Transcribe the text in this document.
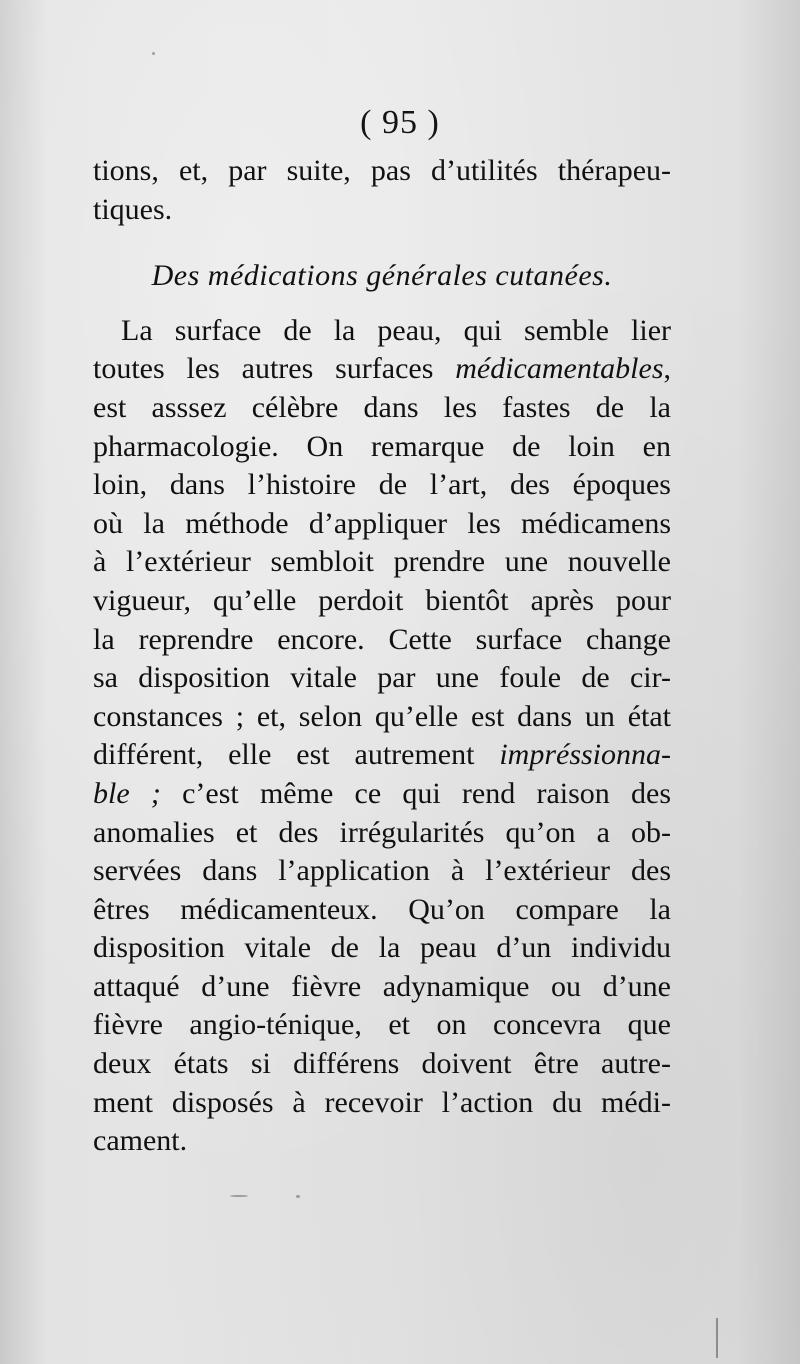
( 95 )
tions, et, par suite, pas d’utilités thérapeu-
tiques.
Des médications générales cutanées.
La surface de la peau, qui semble lier
toutes les autres surfaces médicamentables,
est asssez célèbre dans les fastes de la
pharmacologie. On remarque de loin en
loin, dans l’histoire de l’art, des époques
où la méthode d’appliquer les médicamens
à l’extérieur sembloit prendre une nouvelle
vigueur, qu’elle perdoit bientôt après pour
la reprendre encore. Cette surface change
sa disposition vitale par une foule de cir-
constances ; et, selon qu’elle est dans un état
différent, elle est autrement impréssionna-
ble ; c’est même ce qui rend raison des
anomalies et des irrégularités qu’on a ob-
servées dans l’application à l’extérieur des
êtres médicamenteux. Qu’on compare la
disposition vitale de la peau d’un individu
attaqué d’une fièvre adynamique ou d’une
fièvre angio-ténique, et on concevra que
deux états si différens doivent être autre-
ment disposés à recevoir l’action du médi-
cament.
